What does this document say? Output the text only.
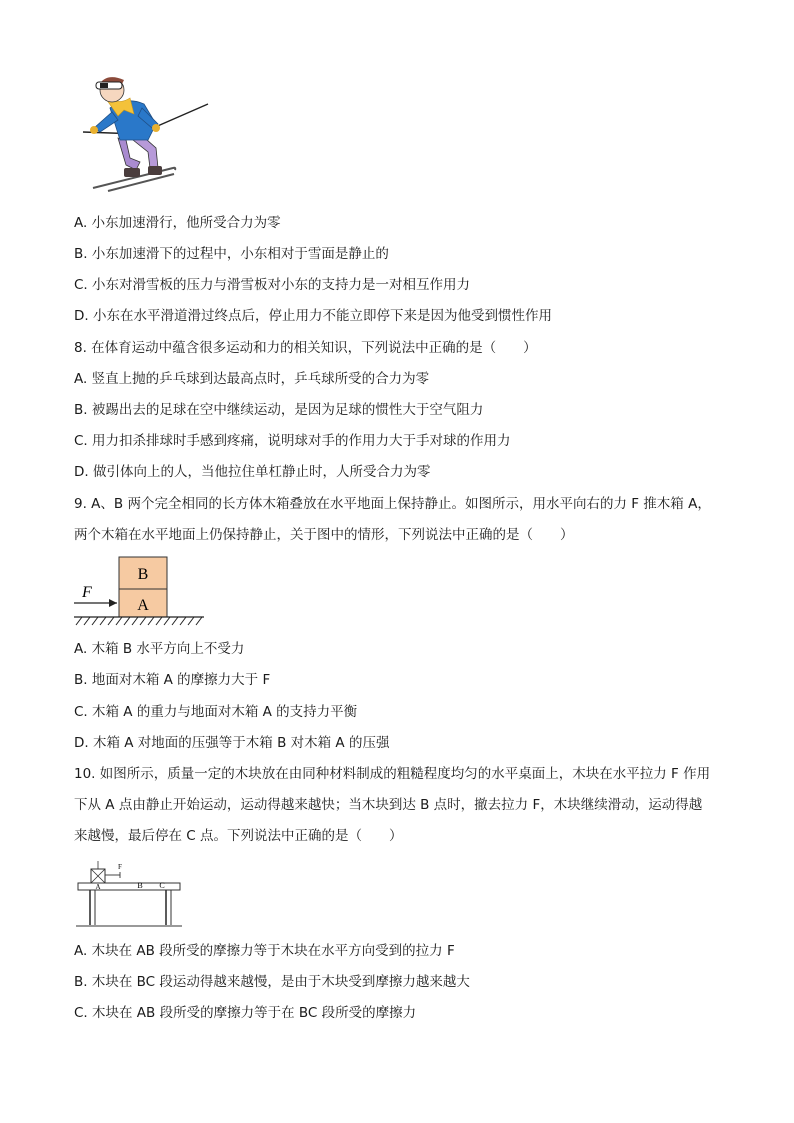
A. 小东加速滑行，他所受合力为零
B. 小东加速滑下的过程中，小东相对于雪面是静止的
C. 小东对滑雪板的压力与滑雪板对小东的支持力是一对相互作用力
D. 小东在水平滑道滑过终点后，停止用力不能立即停下来是因为他受到惯性作用
8. 在体育运动中蕴含很多运动和力的相关知识，下列说法中正确的是（　　）
A. 竖直上抛的乒乓球到达最高点时，乒乓球所受的合力为零
B. 被踢出去的足球在空中继续运动，是因为足球的惯性大于空气阻力
C. 用力扣杀排球时手感到疼痛，说明球对手的作用力大于手对球的作用力
D. 做引体向上的人，当他拉住单杠静止时，人所受合力为零
9. A、B 两个完全相同的长方体木箱叠放在水平地面上保持静止。如图所示，用水平向右的力 F 推木箱 A，
两个木箱在水平地面上仍保持静止，关于图中的情形，下列说法中正确的是（　　）
B
A
F
A. 木箱 B 水平方向上不受力
B. 地面对木箱 A 的摩擦力大于 F
C. 木箱 A 的重力与地面对木箱 A 的支持力平衡
D. 木箱 A 对地面的压强等于木箱 B 对木箱 A 的压强
10. 如图所示，质量一定的木块放在由同种材料制成的粗糙程度均匀的水平桌面上，木块在水平拉力 F 作用
下从 A 点由静止开始运动，运动得越来越快；当木块到达 B 点时，撤去拉力 F，木块继续滑动，运动得越
来越慢，最后停在 C 点。下列说法中正确的是（　　）
F
A	B C
A. 木块在 AB 段所受的摩擦力等于木块在水平方向受到的拉力 F
B. 木块在 BC 段运动得越来越慢，是由于木块受到摩擦力越来越大
C. 木块在 AB 段所受的摩擦力等于在 BC 段所受的摩擦力
